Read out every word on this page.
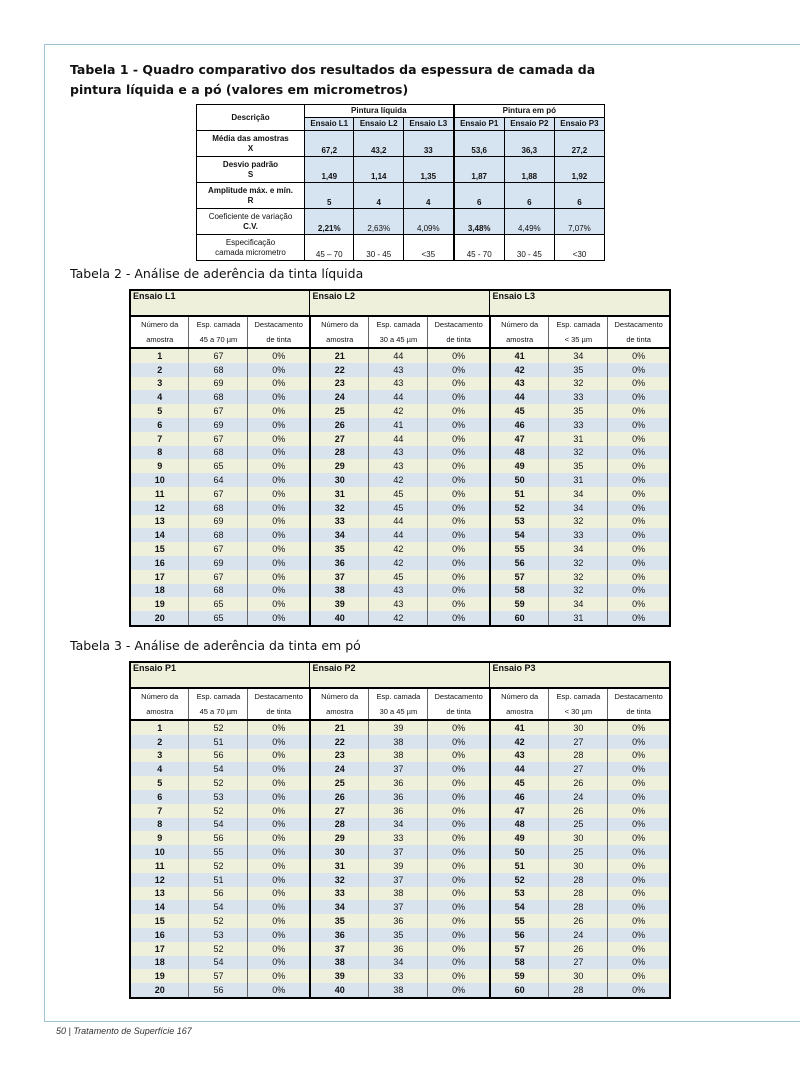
Tabela 1 - Quadro comparativo dos resultados da espessura de camada da
pintura líquida e a pó (valores em micrometros)
Descrição	Pintura líquida			Pintura em pó		
	Ensaio L1	Ensaio L2	Ensaio L3	Ensaio P1	Ensaio P2	Ensaio P3

Média das amostras
X	67,2	43,2	33	53,6	36,3	27,2

Desvio padrão
S	1,49	1,14	1,35	1,87	1,88	1,92

Amplitude máx. e mín.
R	5	4	4	6	6	6

Coeficiente de variação
C.V.	2,21%	2,63%	4,09%	3,48%	4,49%	7,07%

Especificação
camada micrometro	45 – 70	30 - 45	<35	45 - 70	30 - 45	<30
Tabela 2 - Análise de aderência da tinta líquida
Ensaio L1			Ensaio L2			Ensaio L3		
Número da	Esp. camada	Destacamento	Número da	Esp. camada	Destacamento	Número da	Esp. camada	Destacamento
amostra	45 a 70 µm	de tinta	amostra	30 a 45 µm	de tinta	amostra	< 35 µm	de tinta
1	67	0%	21	44	0%	41	34	0%
2	68	0%	22	43	0%	42	35	0%
3	69	0%	23	43	0%	43	32	0%
4	68	0%	24	44	0%	44	33	0%
5	67	0%	25	42	0%	45	35	0%
6	69	0%	26	41	0%	46	33	0%
7	67	0%	27	44	0%	47	31	0%
8	68	0%	28	43	0%	48	32	0%
9	65	0%	29	43	0%	49	35	0%
10	64	0%	30	42	0%	50	31	0%
11	67	0%	31	45	0%	51	34	0%
12	68	0%	32	45	0%	52	34	0%
13	69	0%	33	44	0%	53	32	0%
14	68	0%	34	44	0%	54	33	0%
15	67	0%	35	42	0%	55	34	0%
16	69	0%	36	42	0%	56	32	0%
17	67	0%	37	45	0%	57	32	0%
18	68	0%	38	43	0%	58	32	0%
19	65	0%	39	43	0%	59	34	0%
20	65	0%	40	42	0%	60	31	0%
Tabela 3 - Análise de aderência da tinta em pó
Ensaio P1			Ensaio P2			Ensaio P3		
Número da	Esp. camada	Destacamento	Número da	Esp. camada	Destacamento	Número da	Esp. camada	Destacamento
amostra	45 a 70 µm	de tinta	amostra	30 a 45 µm	de tinta	amostra	< 30 µm	de tinta
1	52	0%	21	39	0%	41	30	0%
2	51	0%	22	38	0%	42	27	0%
3	56	0%	23	38	0%	43	28	0%
4	54	0%	24	37	0%	44	27	0%
5	52	0%	25	36	0%	45	26	0%
6	53	0%	26	36	0%	46	24	0%
7	52	0%	27	36	0%	47	26	0%
8	54	0%	28	34	0%	48	25	0%
9	56	0%	29	33	0%	49	30	0%
10	55	0%	30	37	0%	50	25	0%
11	52	0%	31	39	0%	51	30	0%
12	51	0%	32	37	0%	52	28	0%
13	56	0%	33	38	0%	53	28	0%
14	54	0%	34	37	0%	54	28	0%
15	52	0%	35	36	0%	55	26	0%
16	53	0%	36	35	0%	56	24	0%
17	52	0%	37	36	0%	57	26	0%
18	54	0%	38	34	0%	58	27	0%
19	57	0%	39	33	0%	59	30	0%
20	56	0%	40	38	0%	60	28	0%
50 | Tratamento de Superfície 167
